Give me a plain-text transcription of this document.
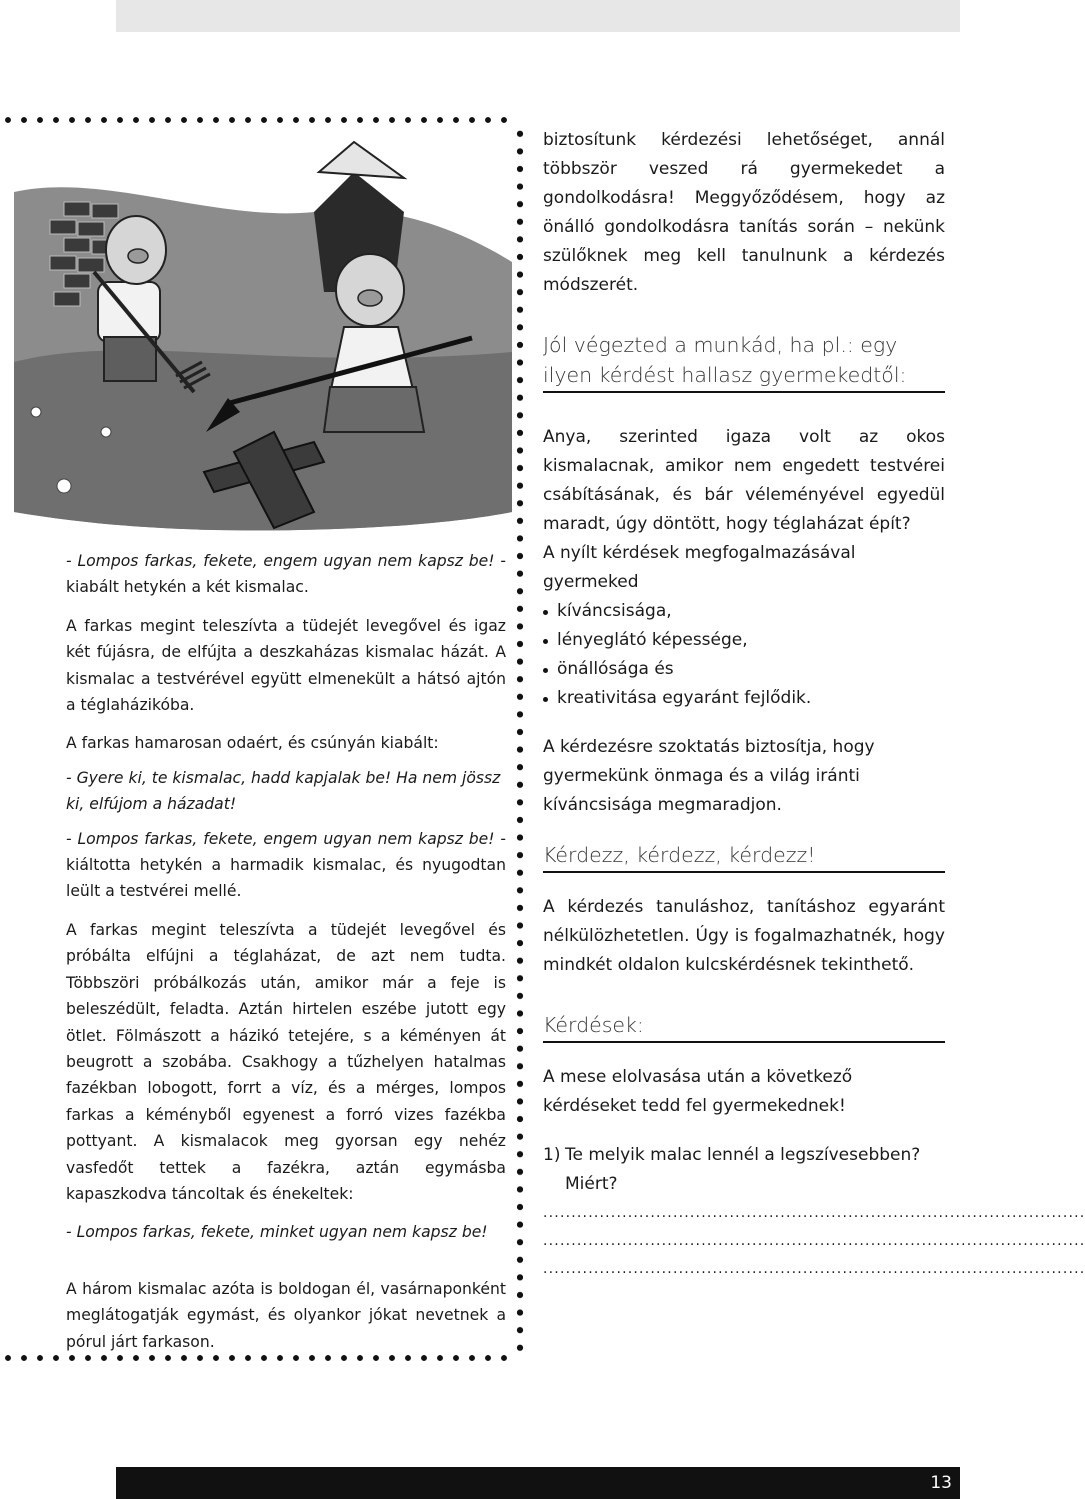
- Lompos farkas, fekete, engem ugyan nem kapsz be! - kiabált hetykén a két kismalac.

A farkas megint teleszívta a tüdejét levegővel és igaz két fújásra, de elfújta a deszkaházas kismalac házát. A kismalac a testvérével együtt elmenekült a hátsó ajtón a téglaházikóba.

A farkas hamarosan odaért, és csúnyán kiabált:

- Gyere ki, te kismalac, hadd kapjalak be! Ha nem jössz ki, elfújom a házadat!

- Lompos farkas, fekete, engem ugyan nem kapsz be! - kiáltotta hetykén a harmadik kismalac, és nyugodtan leült a testvérei mellé.

A farkas megint teleszívta a tüdejét levegővel és próbálta elfújni a téglaházat, de azt nem tudta. Többszöri próbálkozás után, amikor már a feje is beleszédült, feladta. Aztán hirtelen eszébe jutott egy ötlet. Fölmászott a házikó tetejére, s a kéményen át beugrott a szobába. Csakhogy a tűzhelyen hatalmas fazékban lobogott, forrt a víz, és a mérges, lompos farkas a kéményből egyenest a forró vizes fazékba pottyant. A kismalacok meg gyorsan egy nehéz vasfedőt tettek a fazékra, aztán egymásba kapaszkodva táncoltak és énekeltek:

- Lompos farkas, fekete, minket ugyan nem kapsz be!

A három kismalac azóta is boldogan él, vasárnaponként meglátogatják egymást, és olyankor jókat nevetnek a pórul járt farkason.

biztosítunk kérdezési lehetőséget, annál többször veszed rá gyermekedet a gondolkodásra! Meggyőződésem, hogy az önálló gondolkodásra tanítás során – nekünk szülőknek meg kell tanulnunk a kérdezés módszerét.

Jól végezted a munkád, ha pl.: egy ilyen kérdést hallasz gyermekedtől:

Anya, szerinted igaza volt az okos kismalacnak, amikor nem engedett testvérei csábításának, és bár véleményével egyedül maradt, úgy döntött, hogy téglaházat épít?

A nyílt kérdések megfogalmazásával gyermeked

kíváncsisága,
lényeglátó képessége,
önállósága és
kreativitása egyaránt fejlődik.

A kérdezésre szoktatás biztosítja, hogy gyermekünk önmaga és a világ iránti kíváncsisága megmaradjon.

Kérdezz, kérdezz, kérdezz!

A kérdezés tanuláshoz, tanításhoz egyaránt nélkülözhetetlen. Úgy is fogalmazhatnék, hogy mindkét oldalon kulcskérdésnek tekinthető.

Kérdések:

A mese elolvasása után a következő kérdéseket tedd fel gyermekednek!

1) Te melyik malac lennél a legszívesebben? Miért?
................................................................................................
................................................................................................
................................................................................................
13
